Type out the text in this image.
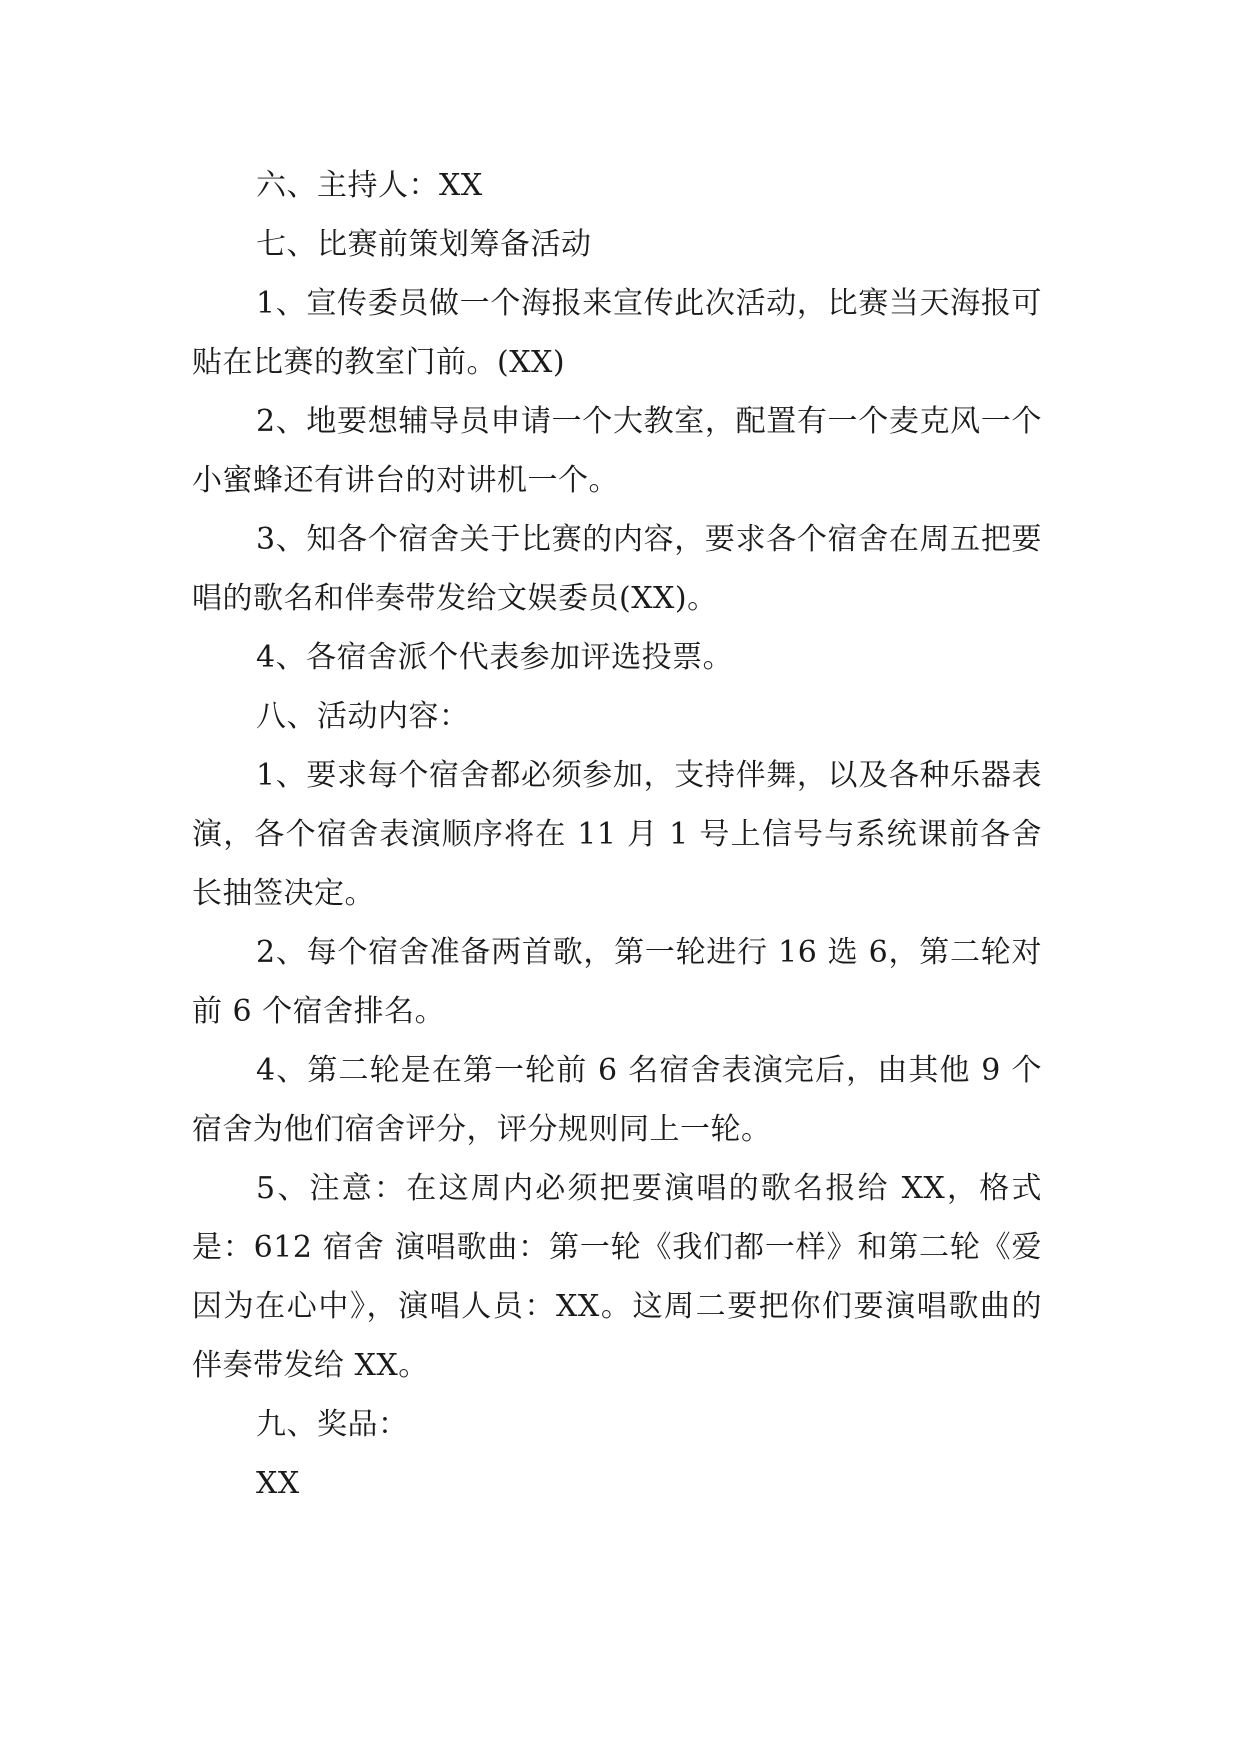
六、主持人：XX

七、比赛前策划筹备活动

1、宣传委员做一个海报来宣传此次活动，比赛当天海报可贴在比赛的教室门前。(XX)

2、地要想辅导员申请一个大教室，配置有一个麦克风一个小蜜蜂还有讲台的对讲机一个。

3、知各个宿舍关于比赛的内容，要求各个宿舍在周五把要唱的歌名和伴奏带发给文娱委员(XX)。

4、各宿舍派个代表参加评选投票。

八、活动内容：

1、要求每个宿舍都必须参加，支持伴舞，以及各种乐器表演，各个宿舍表演顺序将在 11 月 1 号上信号与系统课前各舍长抽签决定。

2、每个宿舍准备两首歌，第一轮进行 16 选 6，第二轮对前 6 个宿舍排名。

4、第二轮是在第一轮前 6 名宿舍表演完后，由其他 9 个宿舍为他们宿舍评分，评分规则同上一轮。

5、注意：在这周内必须把要演唱的歌名报给 XX，格式是：612 宿舍 演唱歌曲：第一轮《我们都一样》和第二轮《爱因为在心中》，演唱人员：XX。这周二要把你们要演唱歌曲的伴奏带发给 XX。

九、奖品：

XX
